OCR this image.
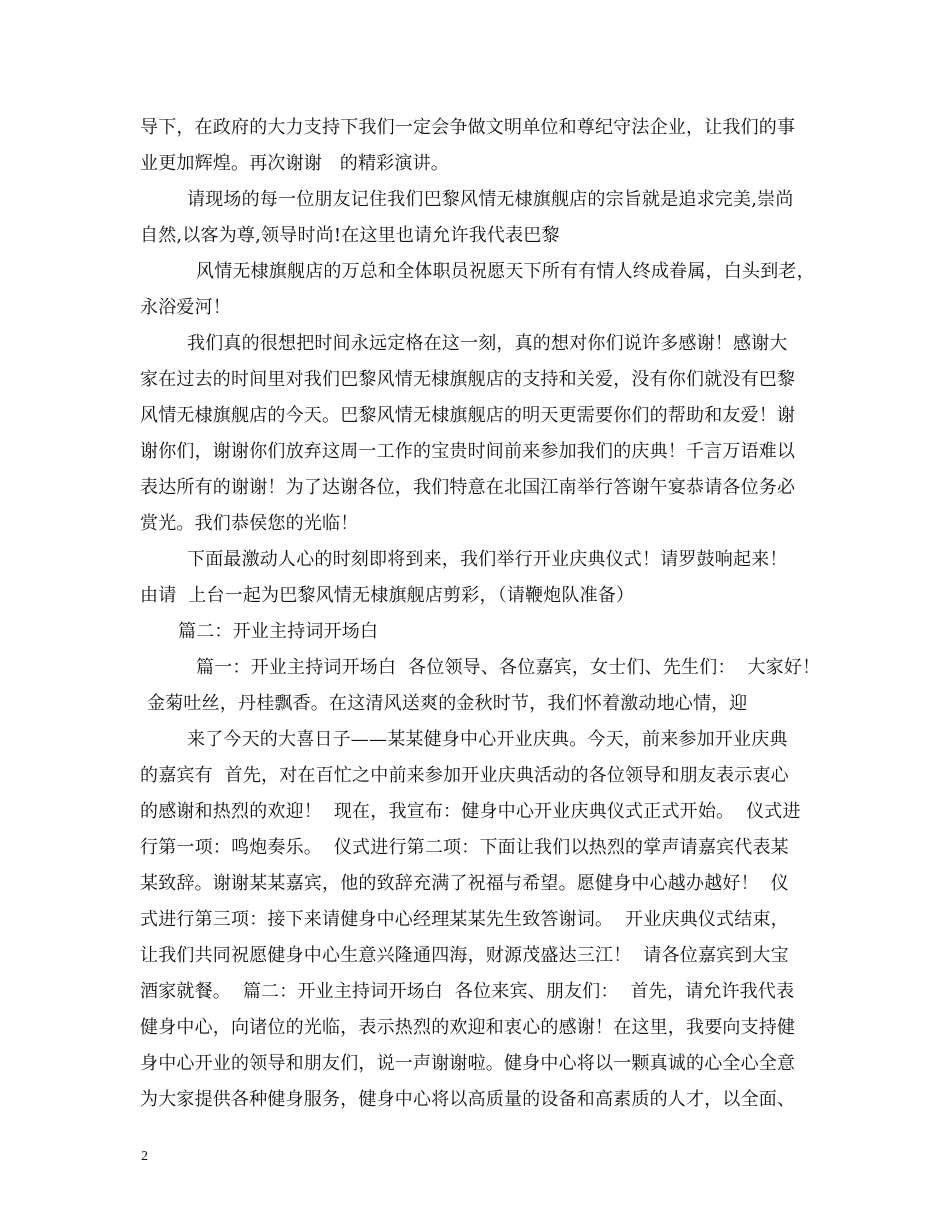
导下，在政府的大力支持下我们一定会争做文明单位和尊纪守法企业，让我们的事
业更加辉煌。再次谢谢   的精彩演讲。
请现场的每一位朋友记住我们巴黎风情无棣旗舰店的宗旨就是追求完美,崇尚
自然,以客为尊,领导时尚!在这里也请允许我代表巴黎
风情无棣旗舰店的万总和全体职员祝愿天下所有有情人终成眷属，白头到老，
永浴爱河！
我们真的很想把时间永远定格在这一刻，真的想对你们说许多感谢！感谢大
家在过去的时间里对我们巴黎风情无棣旗舰店的支持和关爱，没有你们就没有巴黎
风情无棣旗舰店的今天。巴黎风情无棣旗舰店的明天更需要你们的帮助和友爱！谢
谢你们，谢谢你们放弃这周一工作的宝贵时间前来参加我们的庆典！千言万语难以
表达所有的谢谢！为了达谢各位，我们特意在北国江南举行答谢午宴恭请各位务必
赏光。我们恭侯您的光临！
下面最激动人心的时刻即将到来，我们举行开业庆典仪式！请罗鼓响起来！
由请  上台一起为巴黎风情无棣旗舰店剪彩，（请鞭炮队准备）
篇二：开业主持词开场白
篇一：开业主持词开场白  各位领导、各位嘉宾，女士们、先生们：  大家好！
金菊吐丝，丹桂飘香。在这清风送爽的金秋时节，我们怀着激动地心情，迎
来了今天的大喜日子——某某健身中心开业庆典。今天，前来参加开业庆典
的嘉宾有  首先，对在百忙之中前来参加开业庆典活动的各位领导和朋友表示衷心
的感谢和热烈的欢迎！  现在，我宣布：健身中心开业庆典仪式正式开始。  仪式进
行第一项：鸣炮奏乐。  仪式进行第二项：下面让我们以热烈的掌声请嘉宾代表某
某致辞。谢谢某某嘉宾，他的致辞充满了祝福与希望。愿健身中心越办越好！  仪
式进行第三项：接下来请健身中心经理某某先生致答谢词。  开业庆典仪式结束，
让我们共同祝愿健身中心生意兴隆通四海，财源茂盛达三江！  请各位嘉宾到大宝
酒家就餐。  篇二：开业主持词开场白  各位来宾、朋友们：  首先，请允许我代表
健身中心，向诸位的光临，表示热烈的欢迎和衷心的感谢！在这里，我要向支持健
身中心开业的领导和朋友们，说一声谢谢啦。健身中心将以一颗真诚的心全心全意
为大家提供各种健身服务，健身中心将以高质量的设备和高素质的人才，以全面、
2
